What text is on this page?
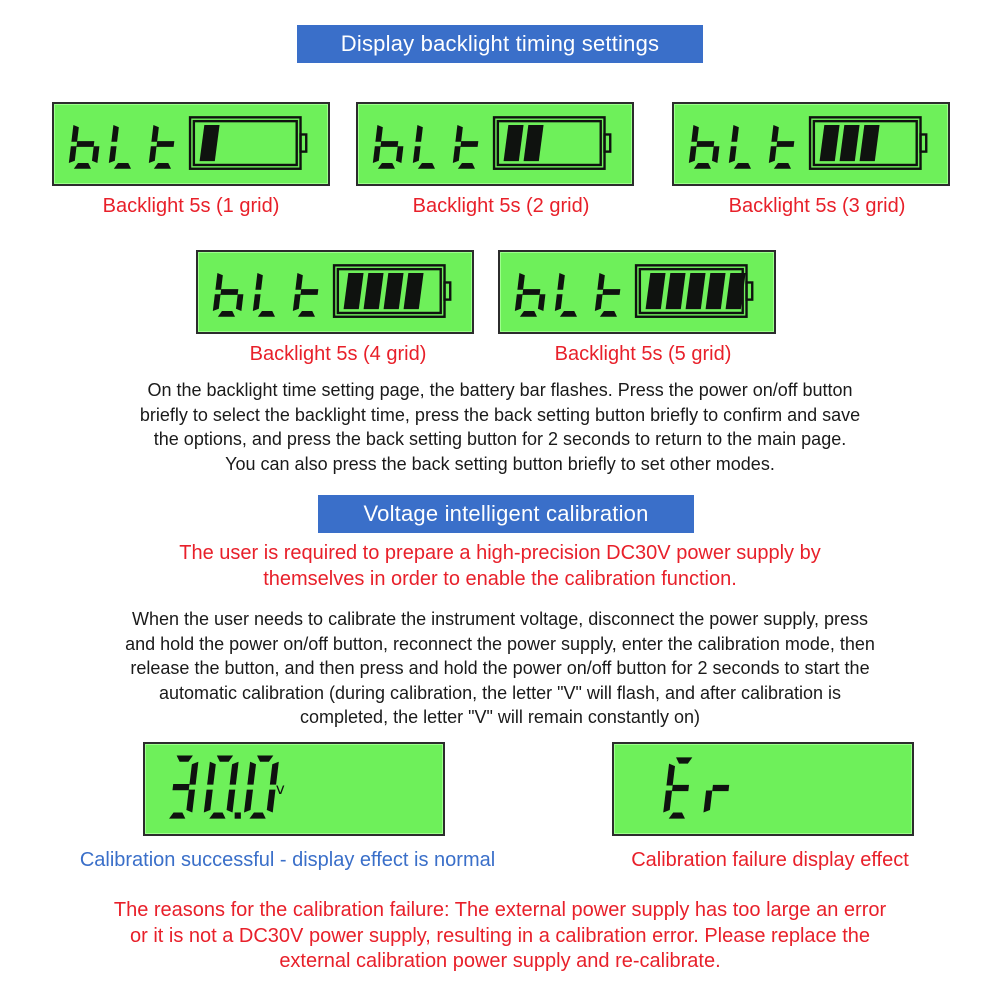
Display backlight timing settings
Backlight 5s (1 grid)	Backlight 5s (2 grid)	Backlight 5s (3 grid)
Backlight 5s (4 grid)	Backlight 5s (5 grid)
On the backlight time setting page, the battery bar flashes. Press the power on/off button
briefly to select the backlight time, press the back setting button briefly to confirm and save
the options, and press the back setting button for 2 seconds to return to the main page.
You can also press the back setting button briefly to set other modes.
Voltage intelligent calibration
The user is required to prepare a high-precision DC30V power supply by
themselves in order to enable the calibration function.
When the user needs to calibrate the instrument voltage, disconnect the power supply, press
and hold the power on/off button, reconnect the power supply, enter the calibration mode, then
release the button, and then press and hold the power on/off button for 2 seconds to start the
automatic calibration (during calibration, the letter "V" will flash, and after calibration is
completed, the letter "V" will remain constantly on)
v
Calibration successful - display effect is normal	Calibration failure display effect
The reasons for the calibration failure: The external power supply has too large an error
or it is not a DC30V power supply, resulting in a calibration error. Please replace the
external calibration power supply and re-calibrate.
